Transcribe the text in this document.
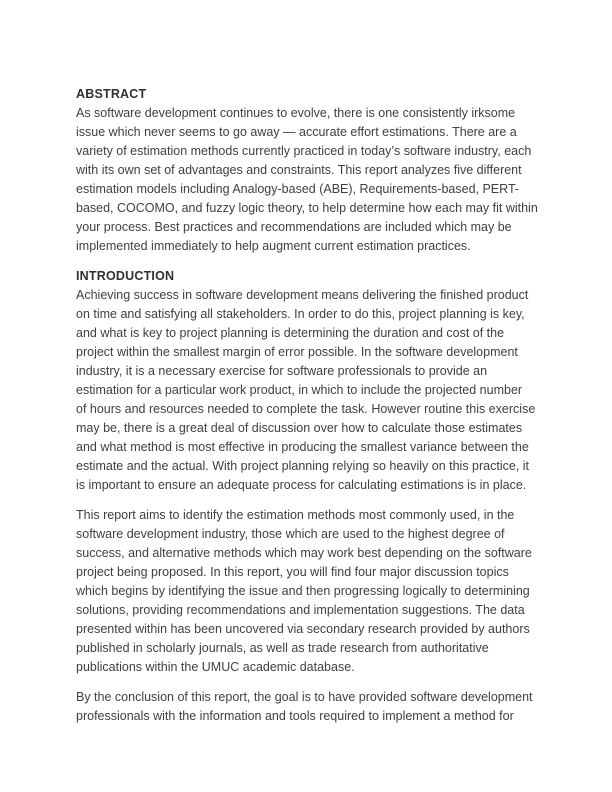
ABSTRACT

As software development continues to evolve, there is one consistently irksome
issue which never seems to go away — accurate effort estimations. There are a
variety of estimation methods currently practiced in today’s software industry, each
with its own set of advantages and constraints. This report analyzes five different
estimation models including Analogy-based (ABE), Requirements-based, PERT-
based, COCOMO, and fuzzy logic theory, to help determine how each may fit within
your process. Best practices and recommendations are included which may be
implemented immediately to help augment current estimation practices.

INTRODUCTION

Achieving success in software development means delivering the finished product
on time and satisfying all stakeholders. In order to do this, project planning is key,
and what is key to project planning is determining the duration and cost of the
project within the smallest margin of error possible. In the software development
industry, it is a necessary exercise for software professionals to provide an
estimation for a particular work product, in which to include the projected number
of hours and resources needed to complete the task. However routine this exercise
may be, there is a great deal of discussion over how to calculate those estimates
and what method is most effective in producing the smallest variance between the
estimate and the actual. With project planning relying so heavily on this practice, it
is important to ensure an adequate process for calculating estimations is in place.

This report aims to identify the estimation methods most commonly used, in the
software development industry, those which are used to the highest degree of
success, and alternative methods which may work best depending on the software
project being proposed. In this report, you will find four major discussion topics
which begins by identifying the issue and then progressing logically to determining
solutions, providing recommendations and implementation suggestions. The data
presented within has been uncovered via secondary research provided by authors
published in scholarly journals, as well as trade research from authoritative
publications within the UMUC academic database.

By the conclusion of this report, the goal is to have provided software development
professionals with the information and tools required to implement a method for
